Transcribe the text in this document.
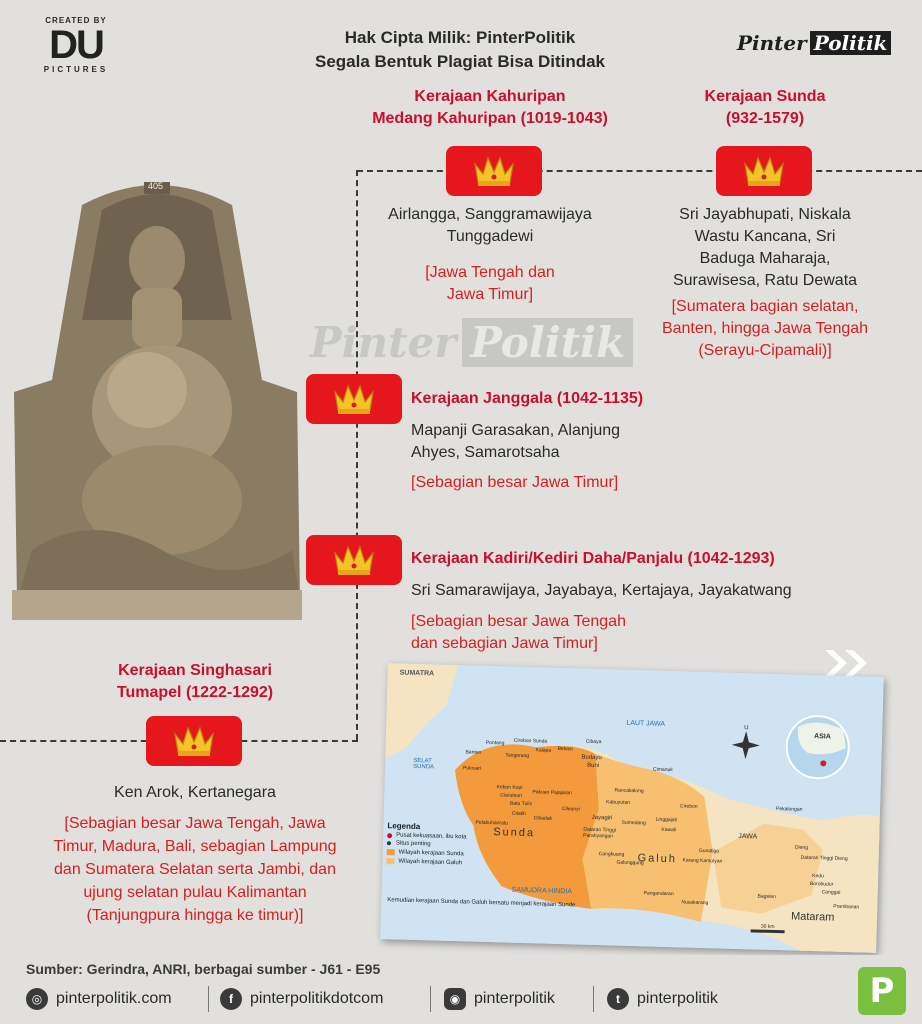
CREATED BY
DU
PICTURES
Hak Cipta Milik: PinterPolitik
Segala Bentuk Plagiat Bisa Ditindak
Pinter Politik
405
Pinter Politik
Kerajaan Kahuripan
Medang Kahuripan (1019-1043)
Airlangga, Sanggramawijaya
Tunggadewi
[Jawa Tengah dan
Jawa Timur]
Kerajaan Sunda
(932-1579)
Sri Jayabhupati, Niskala
Wastu Kancana, Sri
Baduga Maharaja,
Surawisesa, Ratu Dewata
[Sumatera bagian selatan,
Banten, hingga Jawa Tengah
(Serayu-Cipamali)]
Kerajaan Janggala (1042-1135)
Mapanji Garasakan, Alanjung
Ahyes, Samarotsaha
[Sebagian besar Jawa Timur]
Kerajaan Kadiri/Kediri Daha/Panjalu (1042-1293)
Sri Samarawijaya, Jayabaya, Kertajaya, Jayakatwang
[Sebagian besar Jawa Tengah
dan sebagian Jawa Timur]
Kerajaan Singhasari
Tumapel (1222-1292)
Ken Arok, Kertanegara
[Sebagian besar Jawa Tengah, Jawa
Timur, Madura, Bali, sebagian Lampung
dan Sumatera Selatan serta Jambi, dan
ujung selatan pulau Kalimantan
(Tanjungpura hingga ke timur)]
SUMATRA
LAUT JAWA
SELAT SUNDA
SAMUDRA HINDIA
Sunda
Galuh
Mataram
JAWA
Pontang Cirebon Sunda
Kalapa
Banten	Tangerang
Bekasi
Cibaya
Budayu
Buni
Pulosari
Kebon Kopi
Ciaruteun Pakuan Pajajaran
Batu Tulis
Cibadak
Rancakalong
Kabuyutan
Cileunyi
Karang Kamulyan
Gunatiga
Pangandaran
Nusakarang
Pekalongan
Dieng
Dataran Tinggi Dieng
Kedu
Borobudur
Canggal
Prambanan
Bagelen
Cirebon
Cimanuk
Linggajati
Kawali
Sumedang
Jayagiri
Dataran Tinggi Parahyangan
Cangkuang
Galunggung
Pelabuhanratu
Citatih
U
ASIA
Legenda
Pusat kekuasaan, ibu kota
Situs penting
Wilayah kerajaan Sunda
Wilayah kerajaan Galuh
Kemudian kerajaan Sunda dan Galuh bersatu menjadi kerajaan Sunde
30 km
Sumber: Gerindra, ANRI, berbagai sumber - J61 - E95
◎ pinterpolitik.com	f	pinterpolitikdotcom	◉ pinterpolitik	t	pinterpolitik	P
